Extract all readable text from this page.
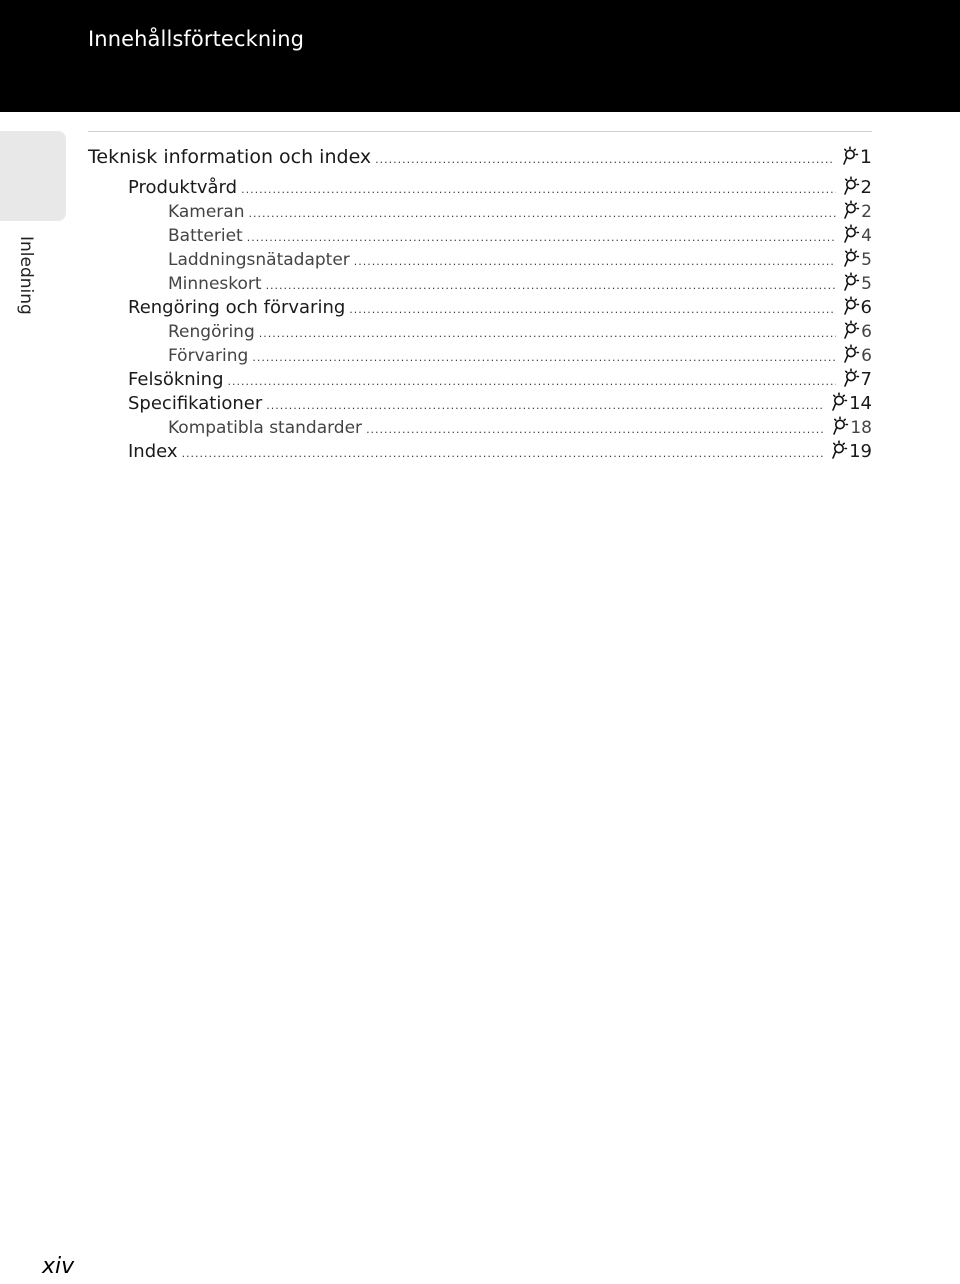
Innehållsförteckning
Inledning
Teknisk information och index .....	1
Produktvård .....	2
Kameran .....	2
Batteriet .....	4
Laddningsnätadapter .....	5
Minneskort .....	5
Rengöring och förvaring .....	6
Rengöring .....	6
Förvaring .....	6
Felsökning .....	7
Specifikationer .....	14
Kompatibla standarder .....	18
Index .....	19
xiv
